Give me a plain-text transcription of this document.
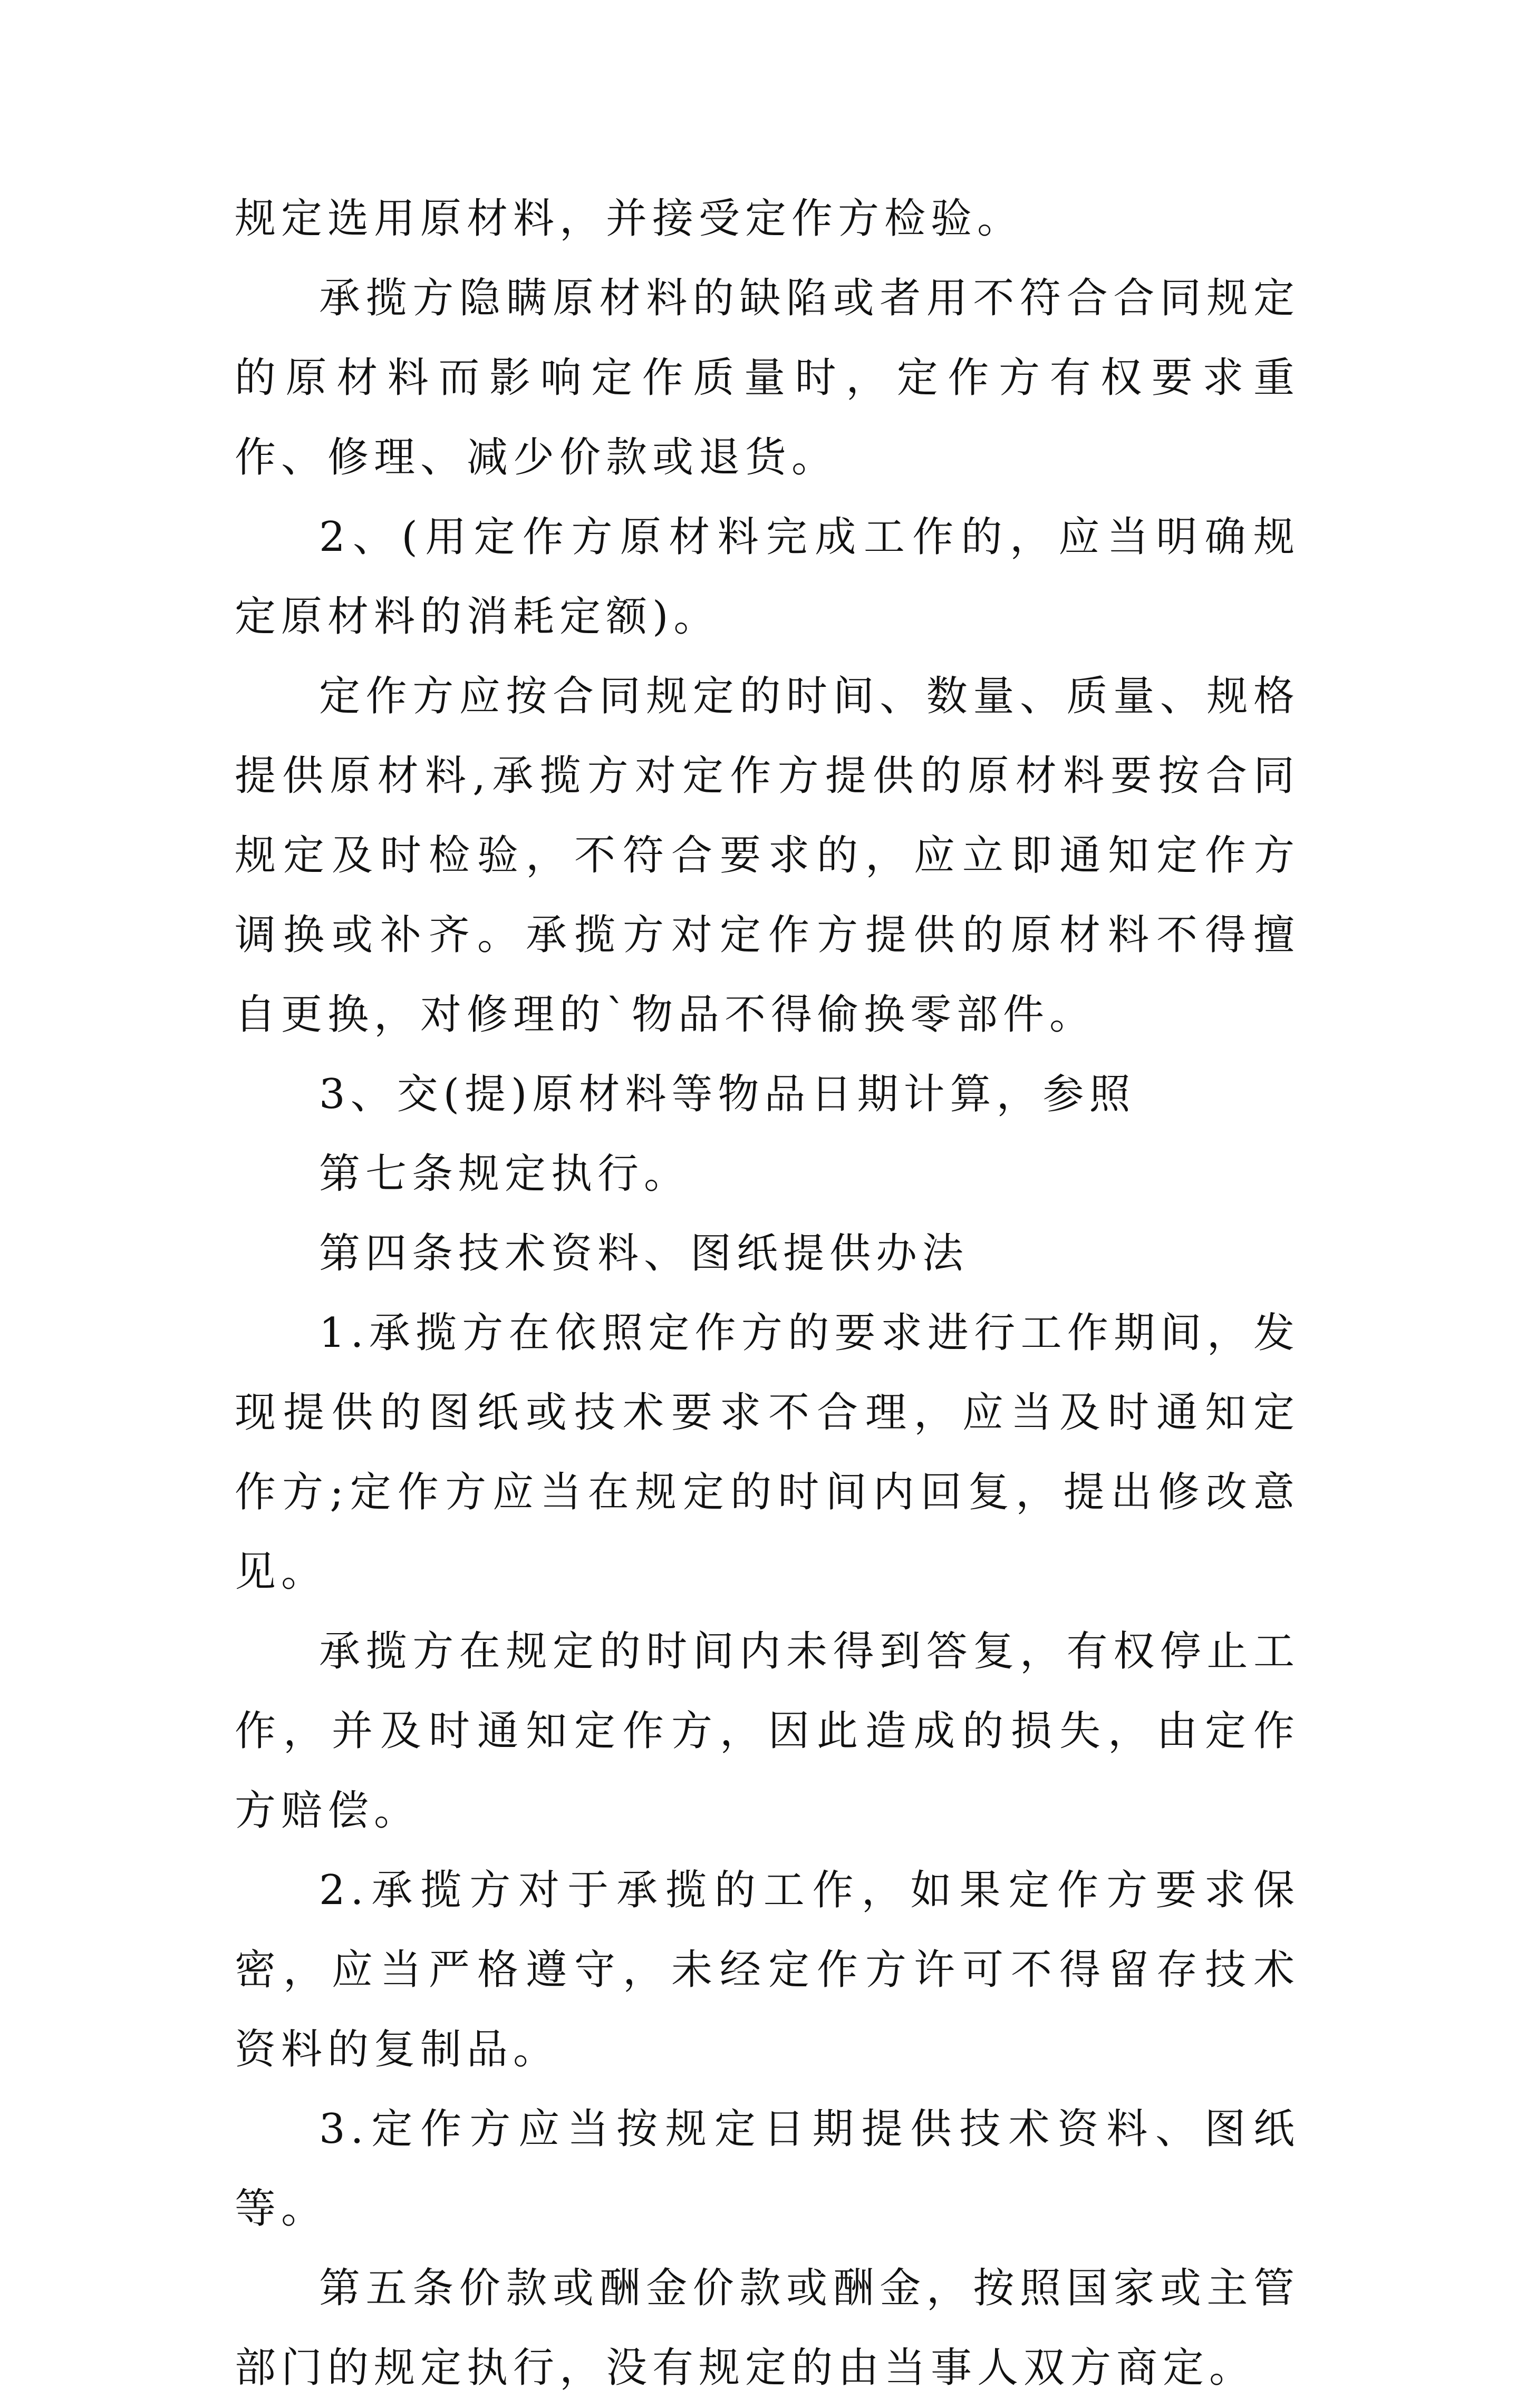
规定选用原材料，并接受定作方检验。

承揽方隐瞒原材料的缺陷或者用不符合合同规定的原材料而影响定作质量时，定作方有权要求重作、修理、减少价款或退货。

2、(用定作方原材料完成工作的，应当明确规定原材料的消耗定额)。

定作方应按合同规定的时间、数量、质量、规格提供原材料,承揽方对定作方提供的原材料要按合同规定及时检验，不符合要求的，应立即通知定作方调换或补齐。承揽方对定作方提供的原材料不得擅自更换，对修理的`物品不得偷换零部件。

3、交(提)原材料等物品日期计算，参照

第七条规定执行。

第四条技术资料、图纸提供办法

1.承揽方在依照定作方的要求进行工作期间，发现提供的图纸或技术要求不合理，应当及时通知定作方;定作方应当在规定的时间内回复，提出修改意见。

承揽方在规定的时间内未得到答复，有权停止工作，并及时通知定作方，因此造成的损失，由定作方赔偿。

2.承揽方对于承揽的工作，如果定作方要求保密，应当严格遵守，未经定作方许可不得留存技术资料的复制品。

3.定作方应当按规定日期提供技术资料、图纸等。

第五条价款或酬金价款或酬金，按照国家或主管部门的规定执行，没有规定的由当事人双方商定。
